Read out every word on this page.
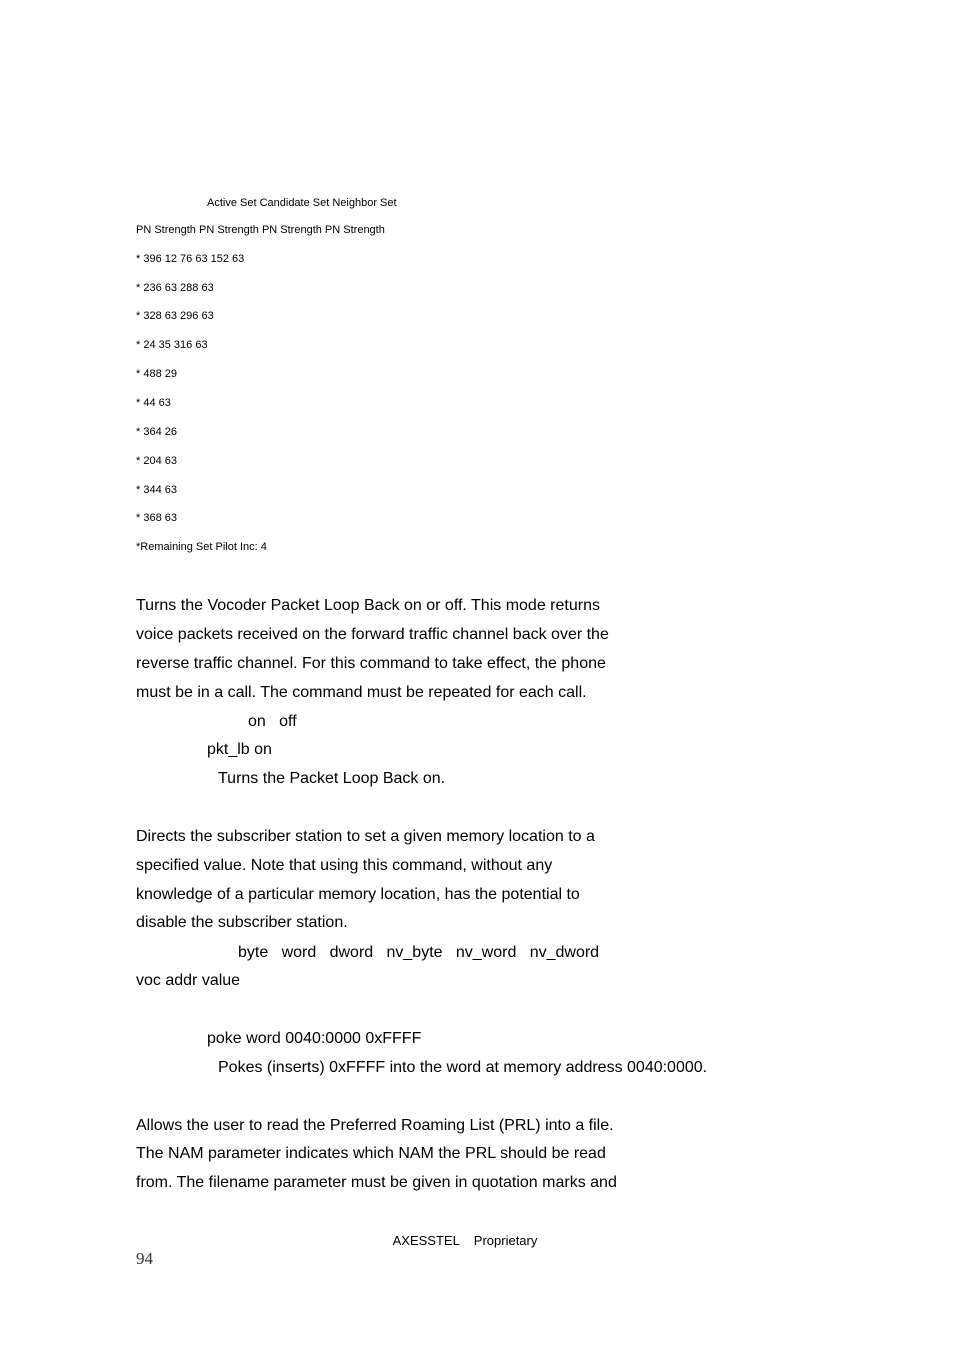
Active Set Candidate Set Neighbor Set
PN Strength PN Strength PN Strength PN Strength
* 396 12 76 63 152 63
* 236 63 288 63
* 328 63 296 63
* 24 35 316 63
* 488 29
* 44 63
* 364 26
* 204 63
* 344 63
* 368 63
*Remaining Set Pilot Inc: 4
Turns the Vocoder Packet Loop Back on or off. This mode returns
voice packets received on the forward traffic channel back over the
reverse traffic channel. For this command to take effect, the phone
must be in a call. The command must be repeated for each call.
on   off
pkt_lb on
Turns the Packet Loop Back on.
Directs the subscriber station to set a given memory location to a
specified value. Note that using this command, without any
knowledge of a particular memory location, has the potential to
disable the subscriber station.
byte   word   dword   nv_byte   nv_word   nv_dword
voc addr value
poke word 0040:0000 0xFFFF
Pokes (inserts) 0xFFFF into the word at memory address 0040:0000.
Allows the user to read the Preferred Roaming List (PRL) into a file.
The NAM parameter indicates which NAM the PRL should be read
from. The filename parameter must be given in quotation marks and
AXESSTEL    Proprietary
94
